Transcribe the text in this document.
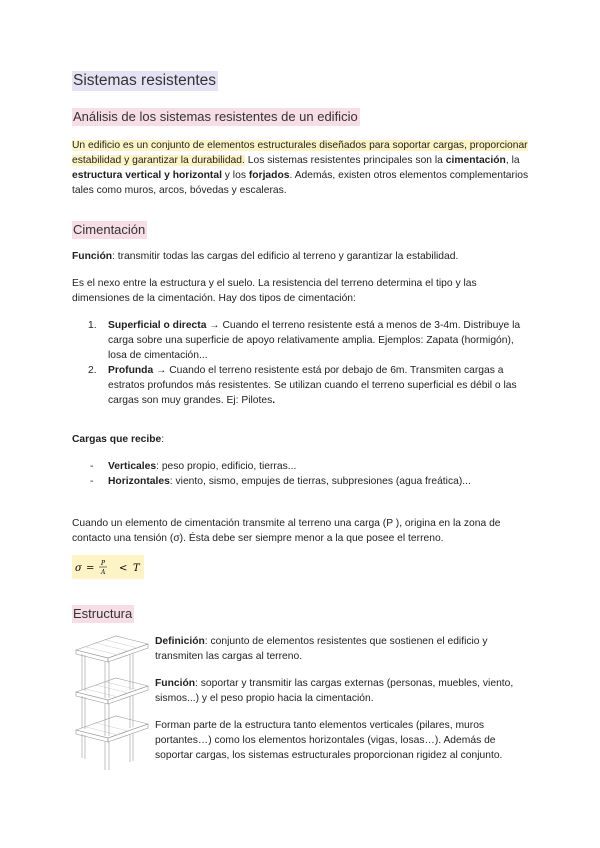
Sistemas resistentes
Análisis de los sistemas resistentes de un edificio
Un edificio es un conjunto de elementos estructurales diseñados para soportar cargas, proporcionar estabilidad y garantizar la durabilidad. Los sistemas resistentes principales son la cimentación, la estructura vertical y horizontal y los forjados. Además, existen otros elementos complementarios tales como muros, arcos, bóvedas y escaleras.
Cimentación
Función: transmitir todas las cargas del edificio al terreno y garantizar la estabilidad.
Es el nexo entre la estructura y el suelo. La resistencia del terreno determina el tipo y las dimensiones de la cimentación. Hay dos tipos de cimentación:
1. Superficial o directa → Cuando el terreno resistente está a menos de 3-4m. Distribuye la carga sobre una superficie de apoyo relativamente amplia. Ejemplos: Zapata (hormigón), losa de cimentación...
2. Profunda → Cuando el terreno resistente está por debajo de 6m. Transmiten cargas a estratos profundos más resistentes. Se utilizan cuando el terreno superficial es débil o las cargas son muy grandes. Ej: Pilotes.
Cargas que recibe:
- Verticales: peso propio, edificio, tierras...
- Horizontales: viento, sismo, empujes de tierras, subpresiones (agua freática)...
Cuando un elemento de cimentación transmite al terreno una carga (P ), origina en la zona de contacto una tensión (σ). Ésta debe ser siempre menor a la que posee el terreno.
σ = P
A < T
Estructura
Definición: conjunto de elementos resistentes que sostienen el edificio y transmiten las cargas al terreno.
Función: soportar y transmitir las cargas externas (personas, muebles, viento, sismos...) y el peso propio hacia la cimentación.
Forman parte de la estructura tanto elementos verticales (pilares, muros portantes…) como los elementos horizontales (vigas, losas…). Además de soportar cargas, los sistemas estructurales proporcionan rigidez al conjunto.
